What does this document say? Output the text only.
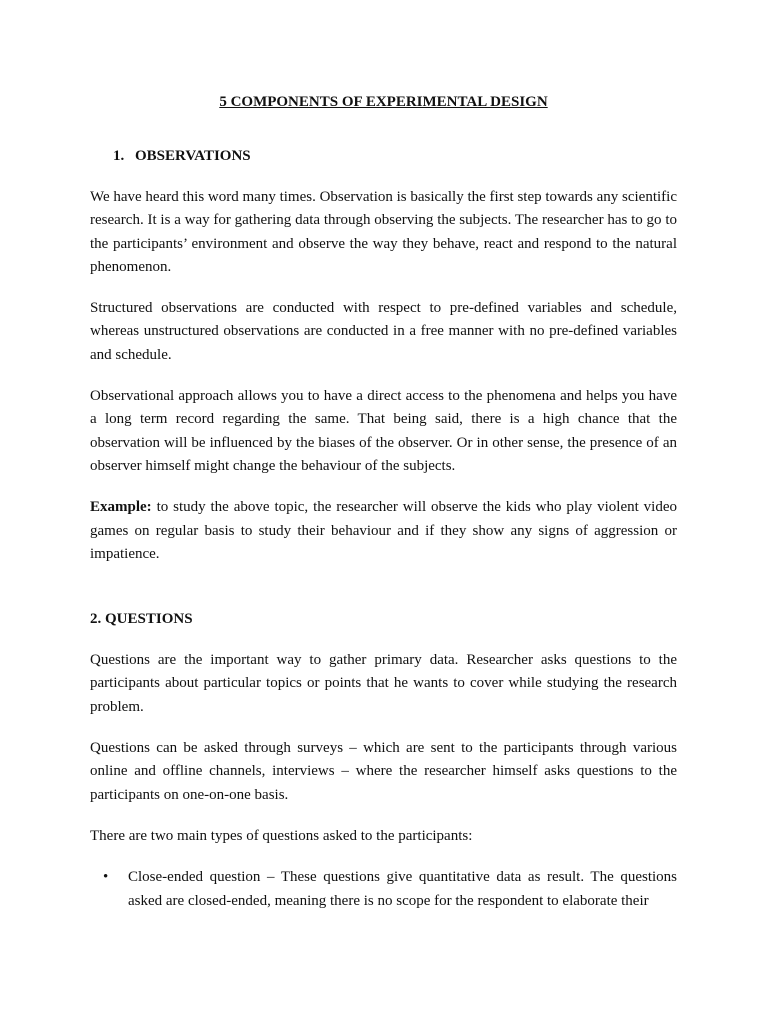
5 COMPONENTS OF EXPERIMENTAL DESIGN

1. OBSERVATIONS

We have heard this word many times. Observation is basically the first step towards any scientific research. It is a way for gathering data through observing the subjects. The researcher has to go to the participants’ environment and observe the way they behave, react and respond to the natural phenomenon.

Structured observations are conducted with respect to pre-defined variables and schedule, whereas unstructured observations are conducted in a free manner with no pre-defined variables and schedule.

Observational approach allows you to have a direct access to the phenomena and helps you have a long term record regarding the same. That being said, there is a high chance that the observation will be influenced by the biases of the observer. Or in other sense, the presence of an observer himself might change the behaviour of the subjects.

Example: to study the above topic, the researcher will observe the kids who play violent video games on regular basis to study their behaviour and if they show any signs of aggression or impatience.

2. QUESTIONS

Questions are the important way to gather primary data. Researcher asks questions to the participants about particular topics or points that he wants to cover while studying the research problem.

Questions can be asked through surveys – which are sent to the participants through various online and offline channels, interviews – where the researcher himself asks questions to the participants on one-on-one basis.

There are two main types of questions asked to the participants:

• Close-ended question – These questions give quantitative data as result. The questions asked are closed-ended, meaning there is no scope for the respondent to elaborate their
